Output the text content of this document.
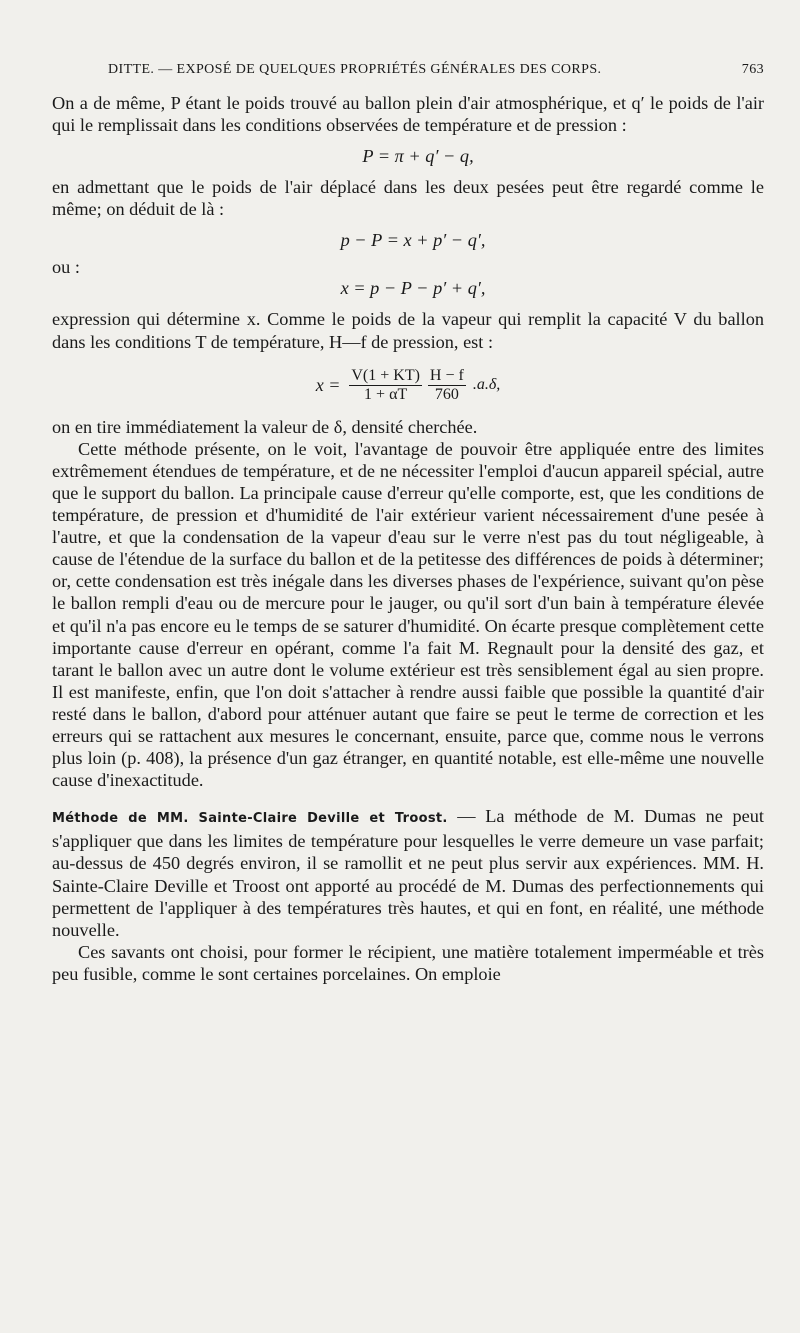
DITTE. — EXPOSÉ DE QUELQUES PROPRIÉTÉS GÉNÉRALES DES CORPS.	763

On a de même, P étant le poids trouvé au ballon plein d'air atmosphérique, et q′ le poids de l'air qui le remplissait dans les conditions observées de température et de pression :

P = π + q′ − q,

en admettant que le poids de l'air déplacé dans les deux pesées peut être regardé comme le même; on déduit de là :

p − P = x + p′ − q′,

ou :

x = p − P − p′ + q′,

expression qui détermine x. Comme le poids de la vapeur qui remplit la capacité V du ballon dans les conditions T de température, H—f de pression, est :

$x = \frac{V(1 + KT)}{1 + \alpha T} \frac{H - f}{760} .a.\delta$,

on en tire immédiatement la valeur de δ, densité cherchée.

Cette méthode présente, on le voit, l'avantage de pouvoir être appliquée entre des limites extrêmement étendues de température, et de ne nécessiter l'emploi d'aucun appareil spécial, autre que le support du ballon. La principale cause d'erreur qu'elle comporte, est, que les conditions de température, de pression et d'humidité de l'air extérieur varient nécessairement d'une pesée à l'autre, et que la condensation de la vapeur d'eau sur le verre n'est pas du tout négligeable, à cause de l'étendue de la surface du ballon et de la petitesse des différences de poids à déterminer; or, cette condensation est très inégale dans les diverses phases de l'expérience, suivant qu'on pèse le ballon rempli d'eau ou de mercure pour le jauger, ou qu'il sort d'un bain à température élevée et qu'il n'a pas encore eu le temps de se saturer d'humidité. On écarte presque complètement cette importante cause d'erreur en opérant, comme l'a fait M. Regnault pour la densité des gaz, et tarant le ballon avec un autre dont le volume extérieur est très sensiblement égal au sien propre. Il est manifeste, enfin, que l'on doit s'attacher à rendre aussi faible que possible la quantité d'air resté dans le ballon, d'abord pour atténuer autant que faire se peut le terme de correction et les erreurs qui se rattachent aux mesures le concernant, ensuite, parce que, comme nous le verrons plus loin (p. 408), la présence d'un gaz étranger, en quantité notable, est elle-même une nouvelle cause d'inexactitude.

Méthode de MM. Sainte-Claire Deville et Troost. — La méthode de M. Dumas ne peut s'appliquer que dans les limites de température pour lesquelles le verre demeure un vase parfait; au-dessus de 450 degrés environ, il se ramollit et ne peut plus servir aux expériences. MM. H. Sainte-Claire Deville et Troost ont apporté au procédé de M. Dumas des perfectionnements qui permettent de l'appliquer à des températures très hautes, et qui en font, en réalité, une méthode nouvelle.

Ces savants ont choisi, pour former le récipient, une matière totalement imperméable et très peu fusible, comme le sont certaines porcelaines. On emploie
